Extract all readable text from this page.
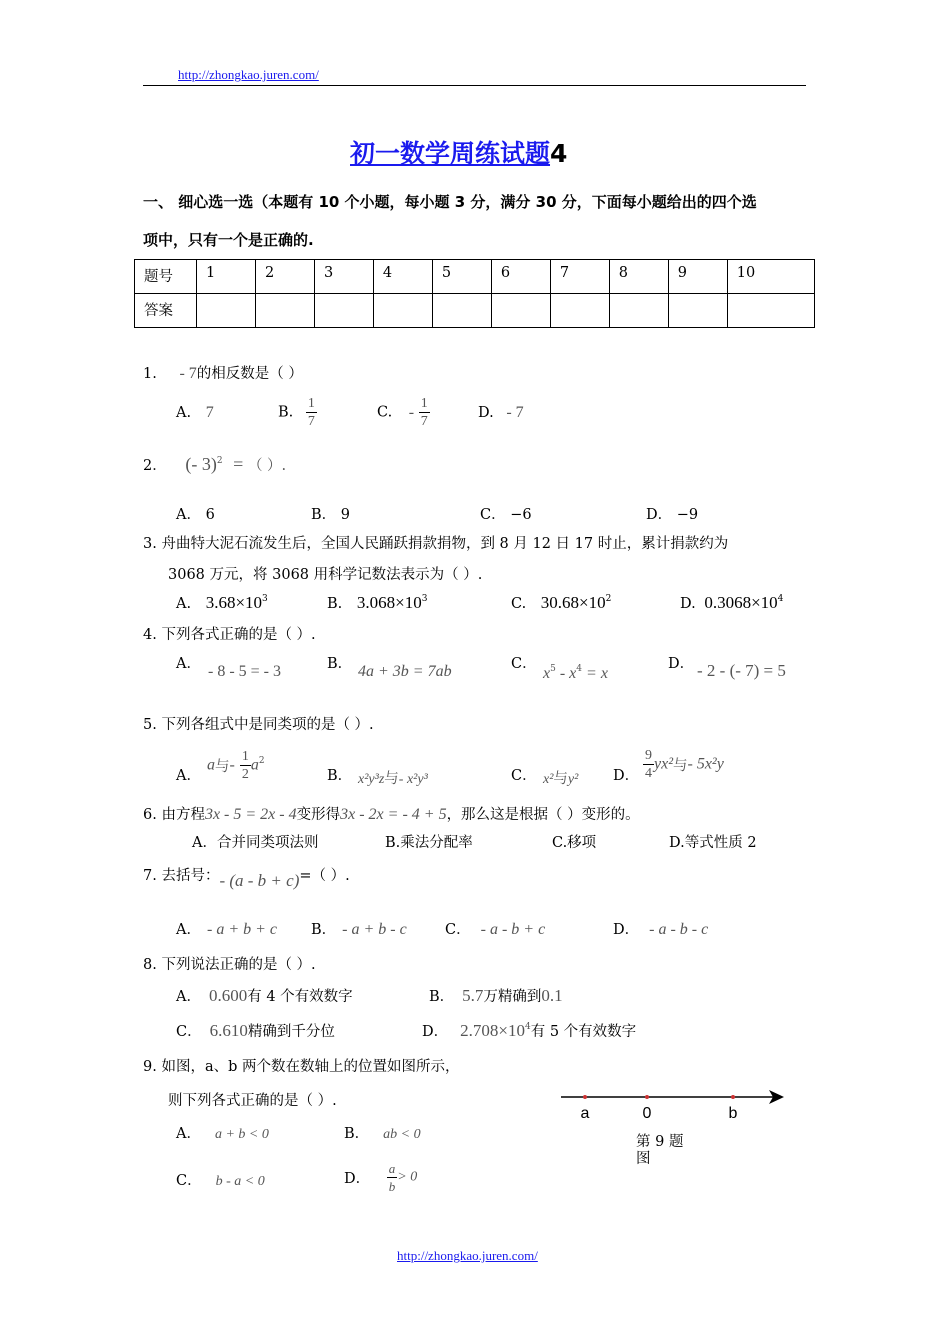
http://zhongkao.juren.com/
初一数学周练试题4
一、 细心选一选（本题有 10 个小题，每小题 3 分，满分 30 分，下面每小题给出的四个选
项中，只有一个是正确的.
题号	1	2	3	4	5	6	7	8	9	10
答案										
1. - 7的相反数是（ ）
A. 7	B. $\frac{1}{7}$	C. - $\frac{1}{7}$	D. - 7
2． (- 3)$^2$ = （ ）.
A． 6	B． 9	C． −6	D． −9
3. 舟曲特大泥石流发生后，全国人民踊跃捐款捐物，到 8 月 12 日 17 时止，累计捐款约为
3068 万元，将 3068 用科学记数法表示为（ ）.
A. $3.68\times 10^3$	B. $3.068\times 10^3$	C. $30.68\times 10^2$	D. $0.3068\times 10^4$
4. 下列各式正确的是（ ）.
A． - 8 - 5 = - 3	B． 4a + 3b = 7ab	C．
$x^5 - x^4 = x$
D． - 2 - (- 7) = 5
5. 下列各组式中是同类项的是（ ）.
A．
a与- $\frac{1}{2} a^2$
B． x²y³z与- x²y³	C． x²与y² D． $\frac{9}{4} yx^2$与- 5x²y
6. 由方程3x - 5 = 2x - 4变形得3x - 2x = - 4 + 5，那么这是根据（ ）变形的。
A．合并同类项法则	B.乘法分配率	C.移项	D.等式性质 2
7. 去括号：- (a - b + c)=（ ）.
A． - a + b + c B． - a + b - c	C． - a - b + c	D． - a - b - c
8. 下列说法正确的是（ ）.
A． 0.600有 4 个有效数字	B． 5.7万精确到0.1
C． 6.610精确到千分位	D． $2.708\times 10^4$有 5 个有效数字
9. 如图，a、b 两个数在数轴上的位置如图所示，
则下列各式正确的是（ ）.
A． a + b < 0	B． ab < 0
C． b - a < 0	D． $\frac{a}{b} > 0$
a	0	b
第 9 题
图
http://zhongkao.juren.com/
